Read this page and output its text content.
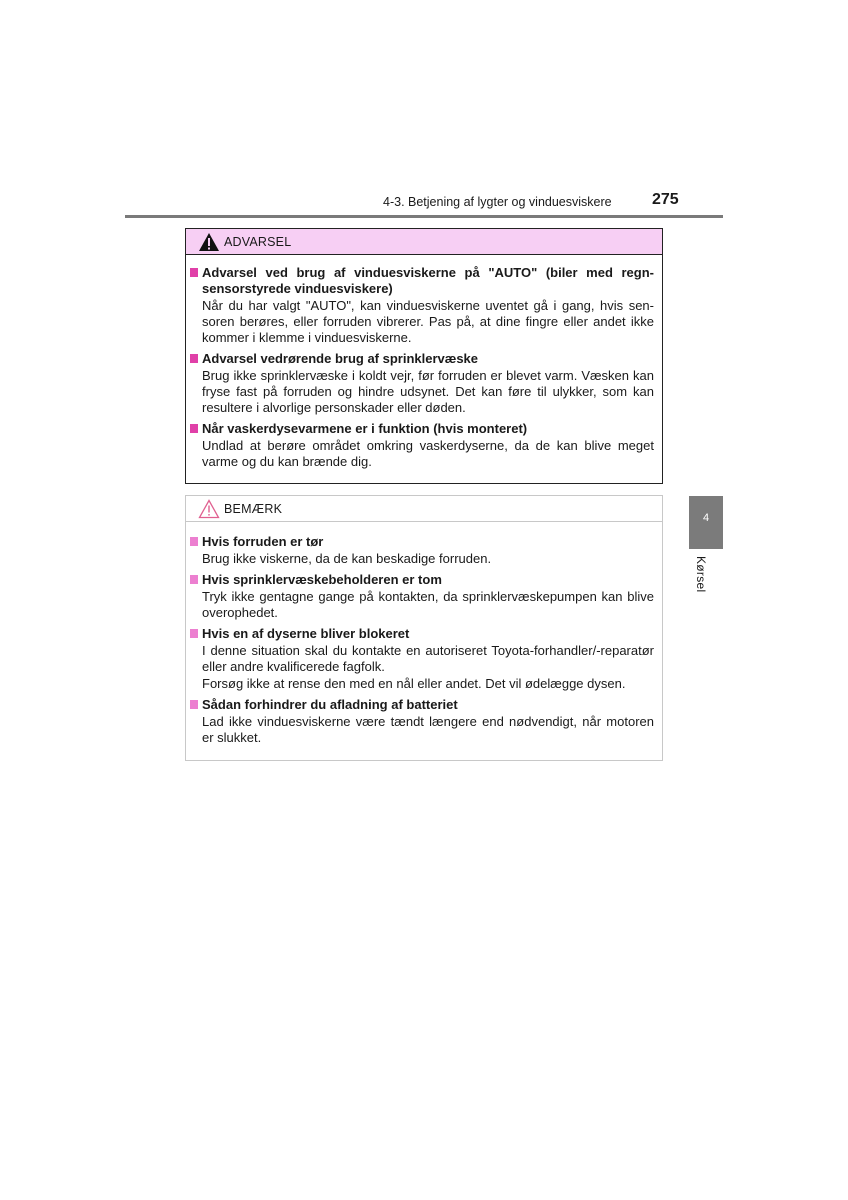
4-3. Betjening af lygter og vinduesviskere	275
ADVARSEL
Advarsel ved brug af vinduesviskerne på "AUTO" (biler med regn-sensorstyrede vinduesviskere)
Når du har valgt "AUTO", kan vinduesviskerne uventet gå i gang, hvis sen-soren berøres, eller forruden vibrerer. Pas på, at dine fingre eller andet ikke kommer i klemme i vinduesviskerne.
Advarsel vedrørende brug af sprinklervæske
Brug ikke sprinklervæske i koldt vejr, før forruden er blevet varm. Væsken kan fryse fast på forruden og hindre udsynet. Det kan føre til ulykker, som kan resultere i alvorlige personskader eller døden.
Når vaskerdysevarmene er i funktion (hvis monteret)
Undlad at berøre området omkring vaskerdyserne, da de kan blive meget varme og du kan brænde dig.
BEMÆRK
Hvis forruden er tør
Brug ikke viskerne, da de kan beskadige forruden.
Hvis sprinklervæskebeholderen er tom
Tryk ikke gentagne gange på kontakten, da sprinklervæskepumpen kan blive overophedet.
Hvis en af dyserne bliver blokeret
I denne situation skal du kontakte en autoriseret Toyota-forhandler/-reparatør eller andre kvalificerede fagfolk.
Forsøg ikke at rense den med en nål eller andet. Det vil ødelægge dysen.
Sådan forhindrer du afladning af batteriet
Lad ikke vinduesviskerne være tændt længere end nødvendigt, når motoren er slukket.
4
Kørsel
